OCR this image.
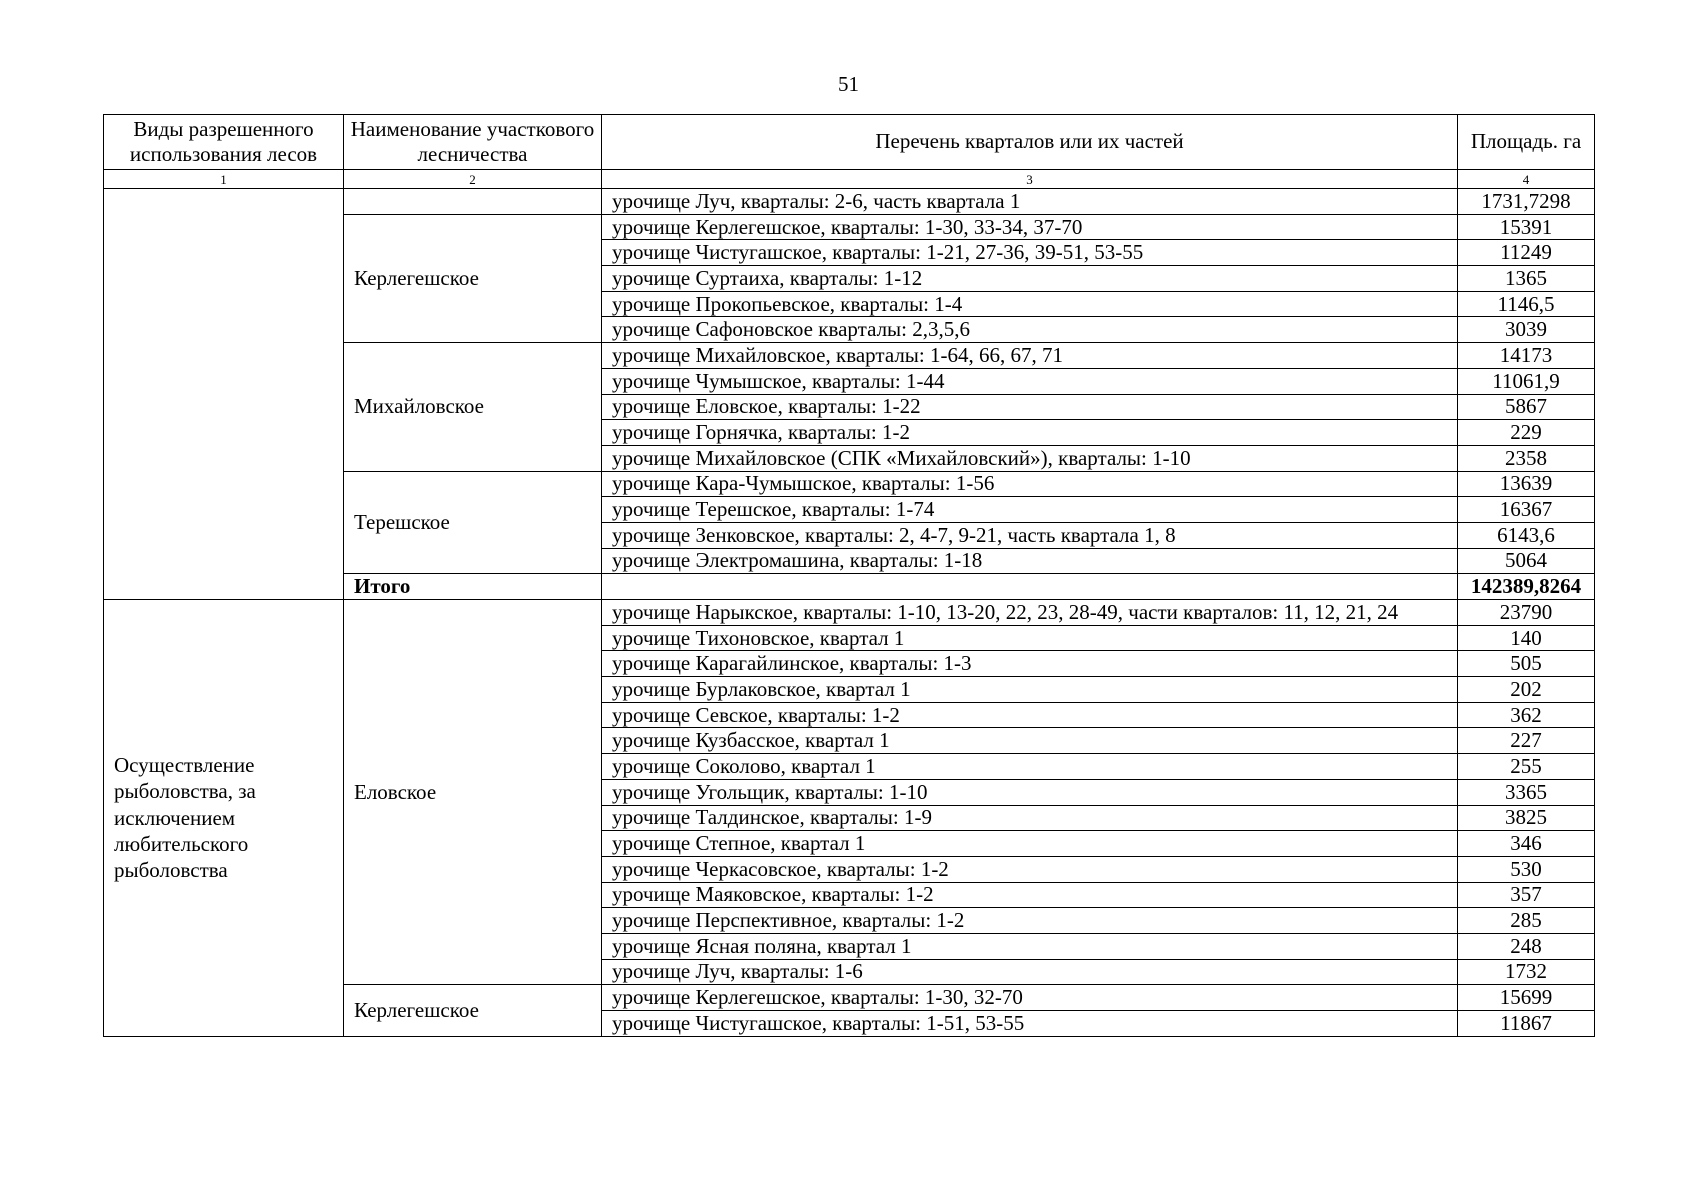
51
Виды разрешенного использования лесов	Наименование участкового лесничества	Перечень кварталов или их частей	Площадь. га
1	2	3	4
		урочище Луч, кварталы: 2-6, часть квартала 1	1731,7298
	Керлегешское	урочище Керлегешское, кварталы: 1-30, 33-34, 37-70	15391
		урочище Чистугашское, кварталы: 1-21, 27-36, 39-51, 53-55	11249
		урочище Суртаиха, кварталы: 1-12	1365
		урочище Прокопьевское, кварталы: 1-4	1146,5
		урочище Сафоновское кварталы: 2,3,5,6	3039
	Михайловское	урочище Михайловское, кварталы: 1-64, 66, 67, 71	14173
		урочище Чумышское, кварталы: 1-44	11061,9
		урочище Еловское, кварталы: 1-22	5867
		урочище Горнячка, кварталы: 1-2	229
		урочище Михайловское (СПК «Михайловский»), кварталы: 1-10	2358
	Терешское	урочище Кара-Чумышское, кварталы: 1-56	13639
		урочище Терешское, кварталы: 1-74	16367
		урочище Зенковское, кварталы: 2, 4-7, 9-21, часть квартала 1, 8	6143,6
		урочище Электромашина, кварталы: 1-18	5064
	Итого		142389,8264
Осуществление рыболовства, за исключением любительского рыболовства	Еловское	урочище Нарыкское, кварталы: 1-10, 13-20, 22, 23, 28-49, части кварталов: 11, 12, 21, 24	23790
		урочище Тихоновское, квартал 1	140
		урочище Карагайлинское, кварталы: 1-3	505
		урочище Бурлаковское, квартал 1	202
		урочище Севское, кварталы: 1-2	362
		урочище Кузбасское, квартал 1	227
		урочище Соколово, квартал 1	255
		урочище Угольщик, кварталы: 1-10	3365
		урочище Талдинское, кварталы: 1-9	3825
		урочище Степное, квартал 1	346
		урочище Черкасовское, кварталы: 1-2	530
		урочище Маяковское, кварталы: 1-2	357
		урочище Перспективное, кварталы: 1-2	285
		урочище Ясная поляна, квартал 1	248
		урочище Луч, кварталы: 1-6	1732
	Керлегешское	урочище Керлегешское, кварталы: 1-30, 32-70	15699
		урочище Чистугашское, кварталы: 1-51, 53-55	11867
